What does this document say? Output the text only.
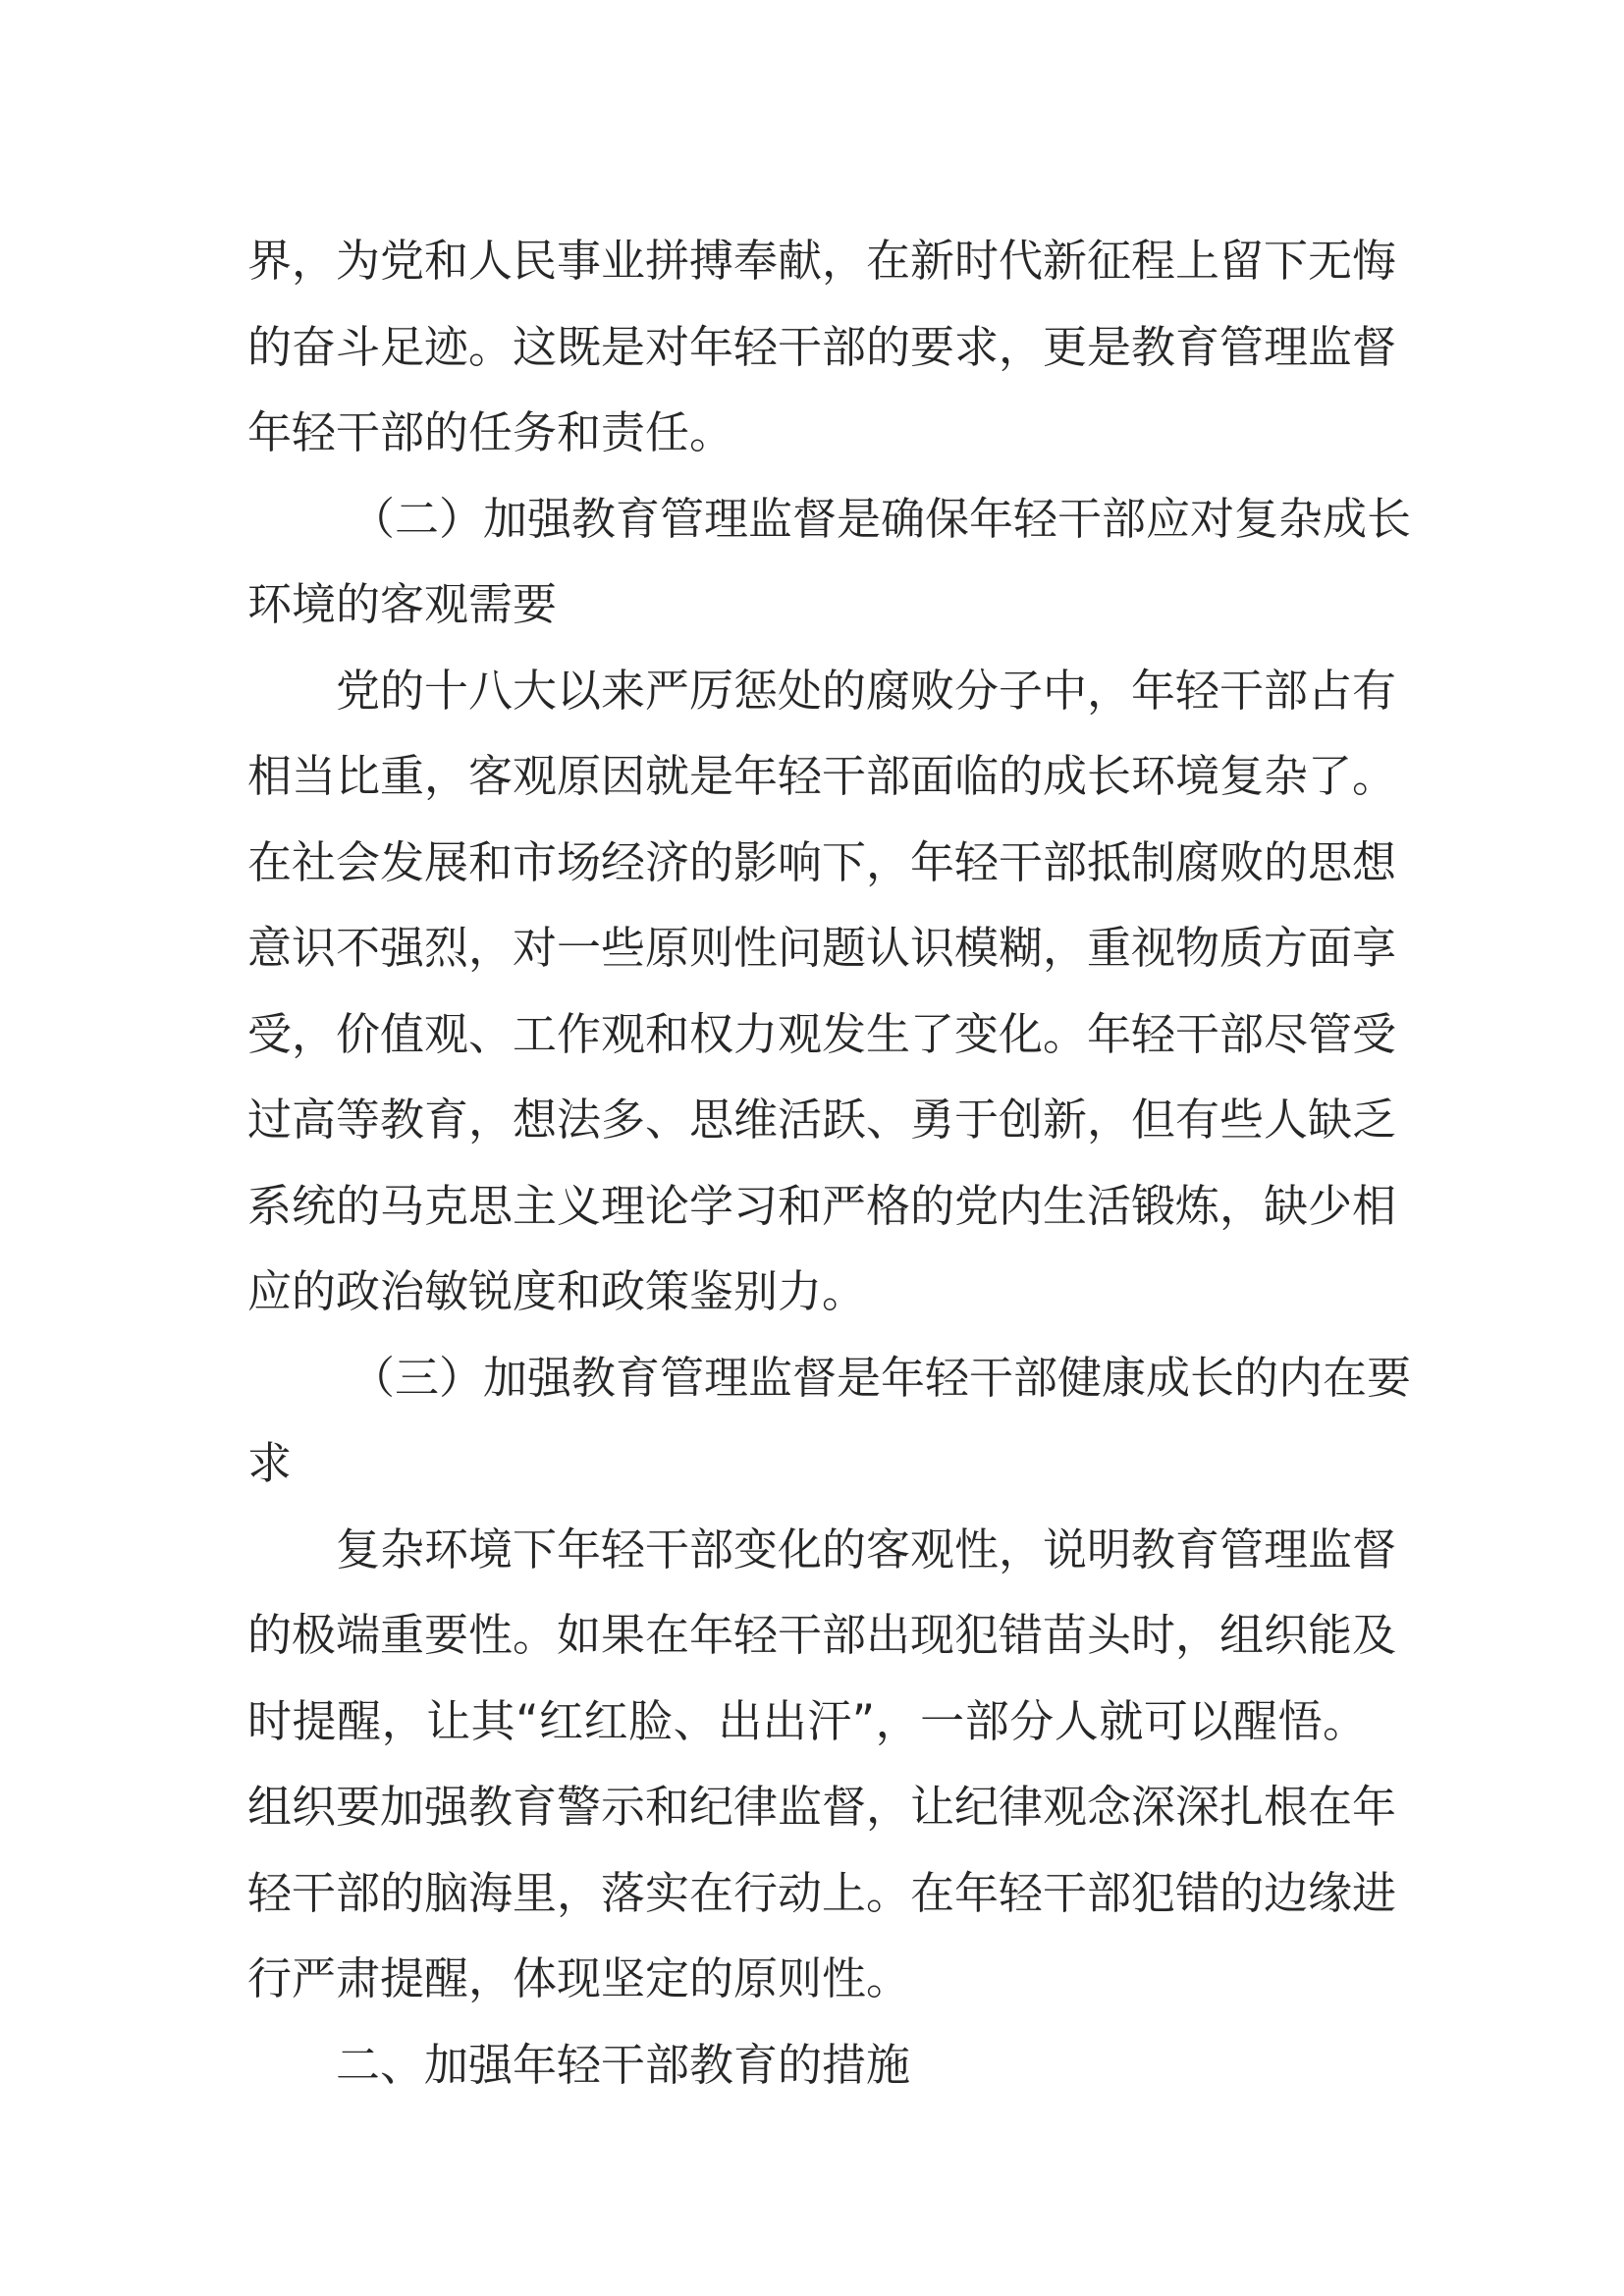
界，为党和人民事业拼搏奉献，在新时代新征程上留下无悔
的奋斗足迹。这既是对年轻干部的要求，更是教育管理监督
年轻干部的任务和责任。
（二）加强教育管理监督是确保年轻干部应对复杂成长
环境的客观需要
党的十八大以来严厉惩处的腐败分子中，年轻干部占有
相当比重，客观原因就是年轻干部面临的成长环境复杂了。
在社会发展和市场经济的影响下，年轻干部抵制腐败的思想
意识不强烈，对一些原则性问题认识模糊，重视物质方面享
受，价值观、工作观和权力观发生了变化。年轻干部尽管受
过高等教育，想法多、思维活跃、勇于创新，但有些人缺乏
系统的马克思主义理论学习和严格的党内生活锻炼，缺少相
应的政治敏锐度和政策鉴别力。
（三）加强教育管理监督是年轻干部健康成长的内在要
求
复杂环境下年轻干部变化的客观性，说明教育管理监督
的极端重要性。如果在年轻干部出现犯错苗头时，组织能及
时提醒，让其“红红脸、出出汗”，一部分人就可以醒悟。
组织要加强教育警示和纪律监督，让纪律观念深深扎根在年
轻干部的脑海里，落实在行动上。在年轻干部犯错的边缘进
行严肃提醒，体现坚定的原则性。
二、加强年轻干部教育的措施
